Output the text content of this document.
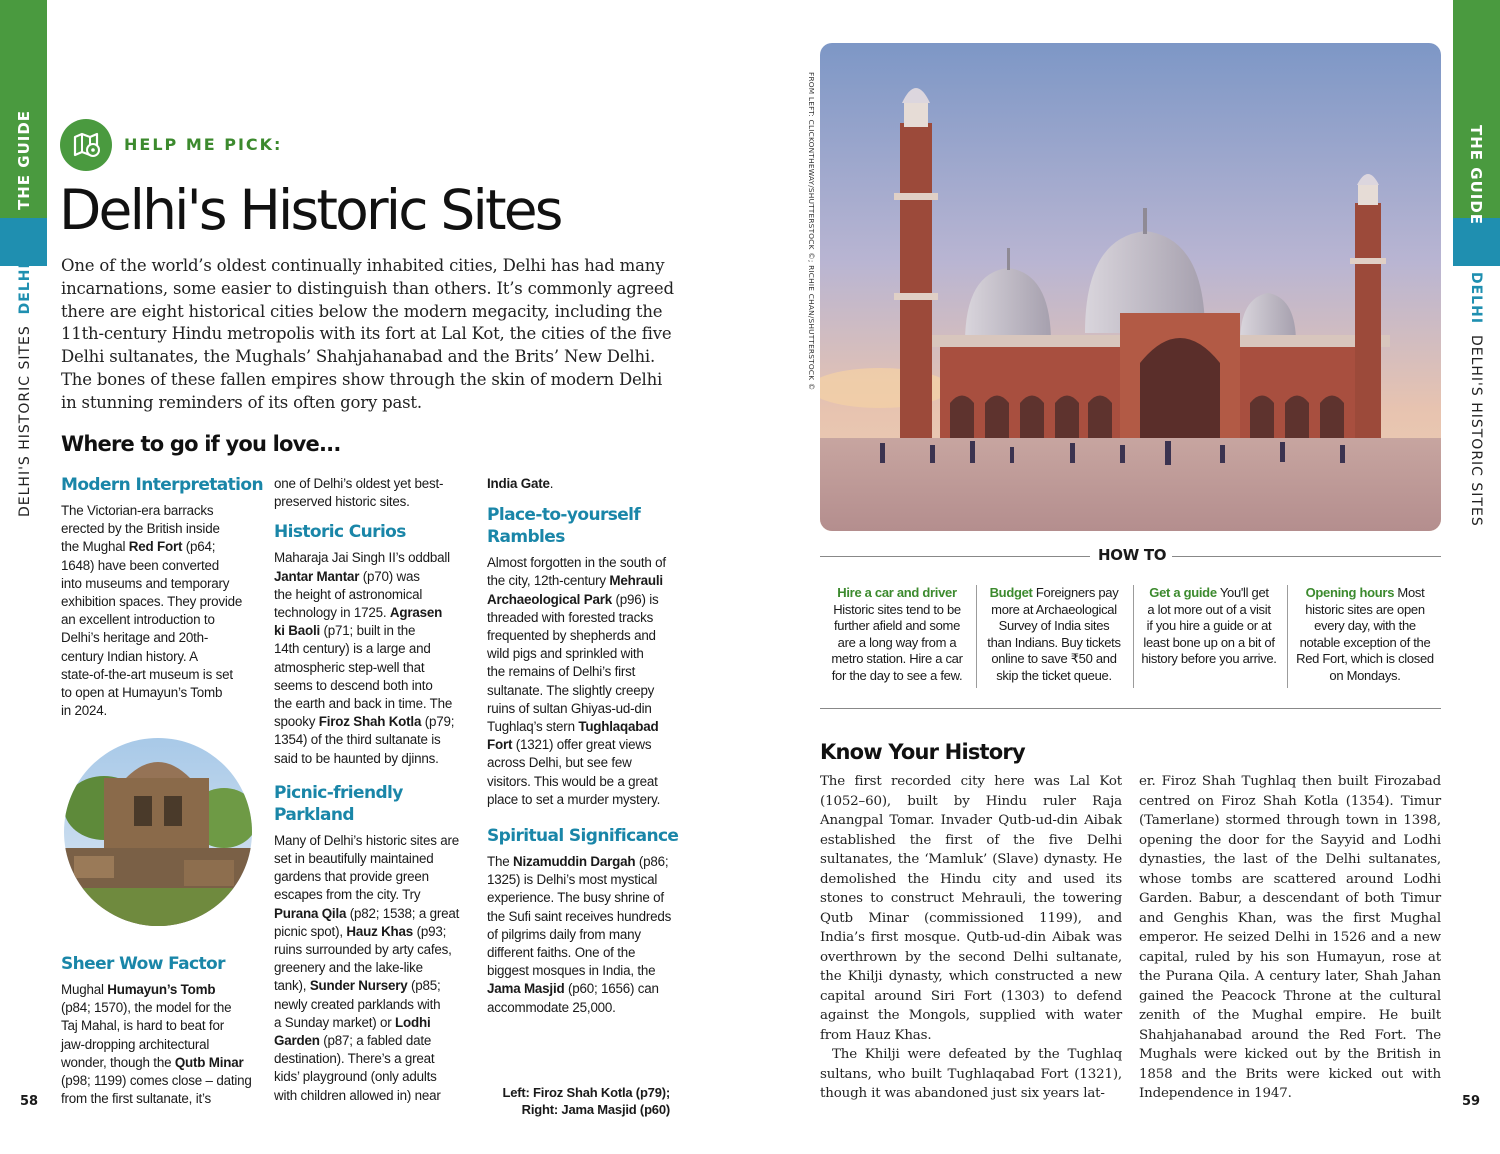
THE GUIDE
DELHI'S HISTORIC SITES  DELHI
58
HELP ME PICK:
Delhi's Historic Sites
One of the world’s oldest continually inhabited cities, Delhi has had many
incarnations, some easier to distinguish than others. It’s commonly agreed
there are eight historical cities below the modern megacity, including the
11th-century Hindu metropolis with its fort at Lal Kot, the cities of the five
Delhi sultanates, the Mughals’ Shahjahanabad and the Brits’ New Delhi.
The bones of these fallen empires show through the skin of modern Delhi
in stunning reminders of its often gory past.
Where to go if you love...
Modern Interpretation
The Victorian-era barracks
erected by the British inside
the Mughal Red Fort (p64;
1648) have been converted
into museums and temporary
exhibition spaces. They provide
an excellent introduction to
Delhi’s heritage and 20th-
century Indian history. A
state-of-the-art museum is set
to open at Humayun’s Tomb
in 2024.
Sheer Wow Factor
Mughal Humayun’s Tomb
(p84; 1570), the model for the
Taj Mahal, is hard to beat for
jaw-dropping architectural
wonder, though the Qutb Minar
(p98; 1199) comes close – dating
from the first sultanate, it’s
one of Delhi’s oldest yet best-
preserved historic sites.
Historic Curios
Maharaja Jai Singh II’s oddball
Jantar Mantar (p70) was
the height of astronomical
technology in 1725. Agrasen
ki Baoli (p71; built in the
14th century) is a large and
atmospheric step-well that
seems to descend both into
the earth and back in time. The
spooky Firoz Shah Kotla (p79;
1354) of the third sultanate is
said to be haunted by djinns.
Picnic-friendly
Parkland
Many of Delhi’s historic sites are
set in beautifully maintained
gardens that provide green
escapes from the city. Try
Purana Qila (p82; 1538; a great
picnic spot), Hauz Khas (p93;
ruins surrounded by arty cafes,
greenery and the lake-like
tank), Sunder Nursery (p85;
newly created parklands with
a Sunday market) or Lodhi
Garden (p87; a fabled date
destination). There’s a great
kids’ playground (only adults
with children allowed in) near
India Gate.
Place-to-yourself
Rambles
Almost forgotten in the south of
the city, 12th-century Mehrauli
Archaeological Park (p96) is
threaded with forested tracks
frequented by shepherds and
wild pigs and sprinkled with
the remains of Delhi’s first
sultanate. The slightly creepy
ruins of sultan Ghiyas-ud-din
Tughlaq’s stern Tughlaqabad
Fort (1321) offer great views
across Delhi, but see few
visitors. This would be a great
place to set a murder mystery.
Spiritual Significance
The Nizamuddin Dargah (p86;
1325) is Delhi’s most mystical
experience. The busy shrine of
the Sufi saint receives hundreds
of pilgrims daily from many
different faiths. One of the
biggest mosques in India, the
Jama Masjid (p60; 1656) can
accommodate 25,000.
Left: Firoz Shah Kotla (p79);
Right: Jama Masjid (p60)
THE GUIDE
DELHI  DELHI'S HISTORIC SITES
59
FROM LEFT: CLICKONTHEWAY/SHUTTERSTOCK ©; RICHIE CHAN/SHUTTERSTOCK ©
HOW TO
Hire a car and driver
Historic sites tend to be
further afield and some
are a long way from a
metro station. Hire a car
for the day to see a few.
Budget Foreigners pay
more at Archaeological
Survey of India sites
than Indians. Buy tickets
online to save ₹50 and
skip the ticket queue.
Get a guide You'll get
a lot more out of a visit
if you hire a guide or at
least bone up on a bit of
history before you arrive.
Opening hours Most
historic sites are open
every day, with the
notable exception of the
Red Fort, which is closed
on Mondays.
Know Your History

The first recorded city here was Lal Kot (1052–60), built by Hindu ruler Raja Anangpal Tomar. Invader Qutb-ud-din Aibak established the first of the five Delhi sultanates, the ‘Mamluk’ (Slave) dynasty. He demolished the Hindu city and used its stones to construct Mehrauli, the towering Qutb Minar (commissioned 1199), and India’s first mosque. Qutb-ud-din Aibak was overthrown by the second Delhi sultanate, the Khilji dynasty, which constructed a new capital around Siri Fort (1303) to defend against the Mongols, supplied with water from Hauz Khas.

The Khilji were defeated by the Tughlaq sultans, who built Tughlaqabad Fort (1321), though it was abandoned just six years lat-

er. Firoz Shah Tughlaq then built Firozabad centred on Firoz Shah Kotla (1354). Timur (Tamerlane) stormed through town in 1398, opening the door for the Sayyid and Lodhi dynasties, the last of the Delhi sultanates, whose tombs are scattered around Lodhi Garden. Babur, a descendant of both Timur and Genghis Khan, was the first Mughal emperor. He seized Delhi in 1526 and a new capital, ruled by his son Humayun, rose at the Purana Qila. A century later, Shah Jahan gained the Peacock Throne at the cultural zenith of the Mughal empire. He built Shahjahanabad around the Red Fort. The Mughals were kicked out by the British in 1858 and the Brits were kicked out with Independence in 1947.
